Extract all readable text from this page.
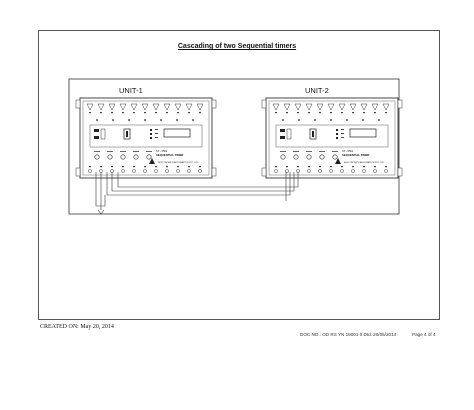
Cascading of two Sequential timers
UNIT-1
ST - 0501
SEQUENTIAL TIMER
ELECTRONICS AUTOMATION PVT. LTD.
UNIT-2
ST - 0501
SEQUENTIAL TIMER
ELECTRONICS AUTOMATION PVT. LTD.
CREATED ON: May 20, 2014
DOC NO.: OD RS YN 19001 0 Dtd: 20/05/2014	Page 4 of 4
